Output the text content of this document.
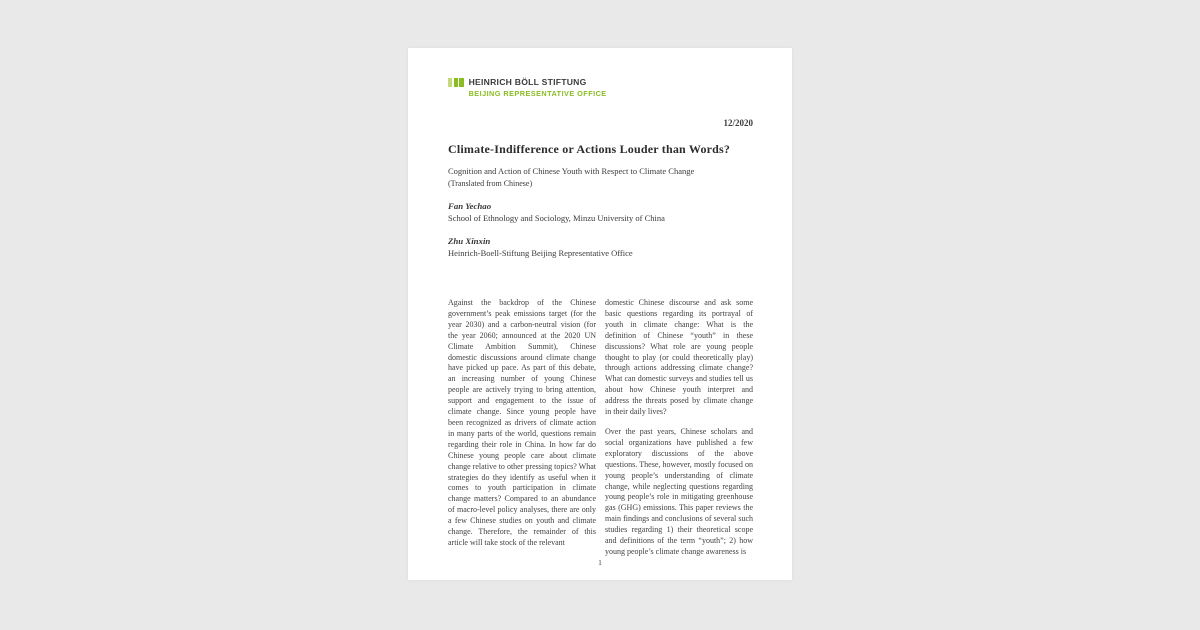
HEINRICH BÖLL STIFTUNG
BEIJING REPRESENTATIVE OFFICE
12/2020
Climate-Indifference or Actions Louder than Words?
Cognition and Action of Chinese Youth with Respect to Climate Change
(Translated from Chinese)
Fan Yechao
School of Ethnology and Sociology, Minzu University of China
Zhu Xinxin
Heinrich-Boell-Stiftung Beijing Representative Office

Against the backdrop of the Chinese government’s peak emissions target (for the year 2030) and a carbon-neutral vision (for the year 2060; announced at the 2020 UN Climate Ambition Summit), Chinese domestic discussions around climate change have picked up pace. As part of this debate, an increasing number of young Chinese people are actively trying to bring attention, support and engagement to the issue of climate change. Since young people have been recognized as drivers of climate action in many parts of the world, questions remain regarding their role in China. In how far do Chinese young people care about climate change relative to other pressing topics? What strategies do they identify as useful when it comes to youth participation in climate change matters? Compared to an abundance of macro-level policy analyses, there are only a few Chinese studies on youth and climate change. Therefore, the remainder of this article will take stock of the relevant

domestic Chinese discourse and ask some basic questions regarding its portrayal of youth in climate change: What is the definition of Chinese “youth” in these discussions? What role are young people thought to play (or could theoretically play) through actions addressing climate change? What can domestic surveys and studies tell us about how Chinese youth interpret and address the threats posed by climate change in their daily lives?

Over the past years, Chinese scholars and social organizations have published a few exploratory discussions of the above questions. These, however, mostly focused on young people’s understanding of climate change, while neglecting questions regarding young people’s role in mitigating greenhouse gas (GHG) emissions. This paper reviews the main findings and conclusions of several such studies regarding 1) their theoretical scope and definitions of the term “youth”; 2) how young people’s climate change awareness is

1
